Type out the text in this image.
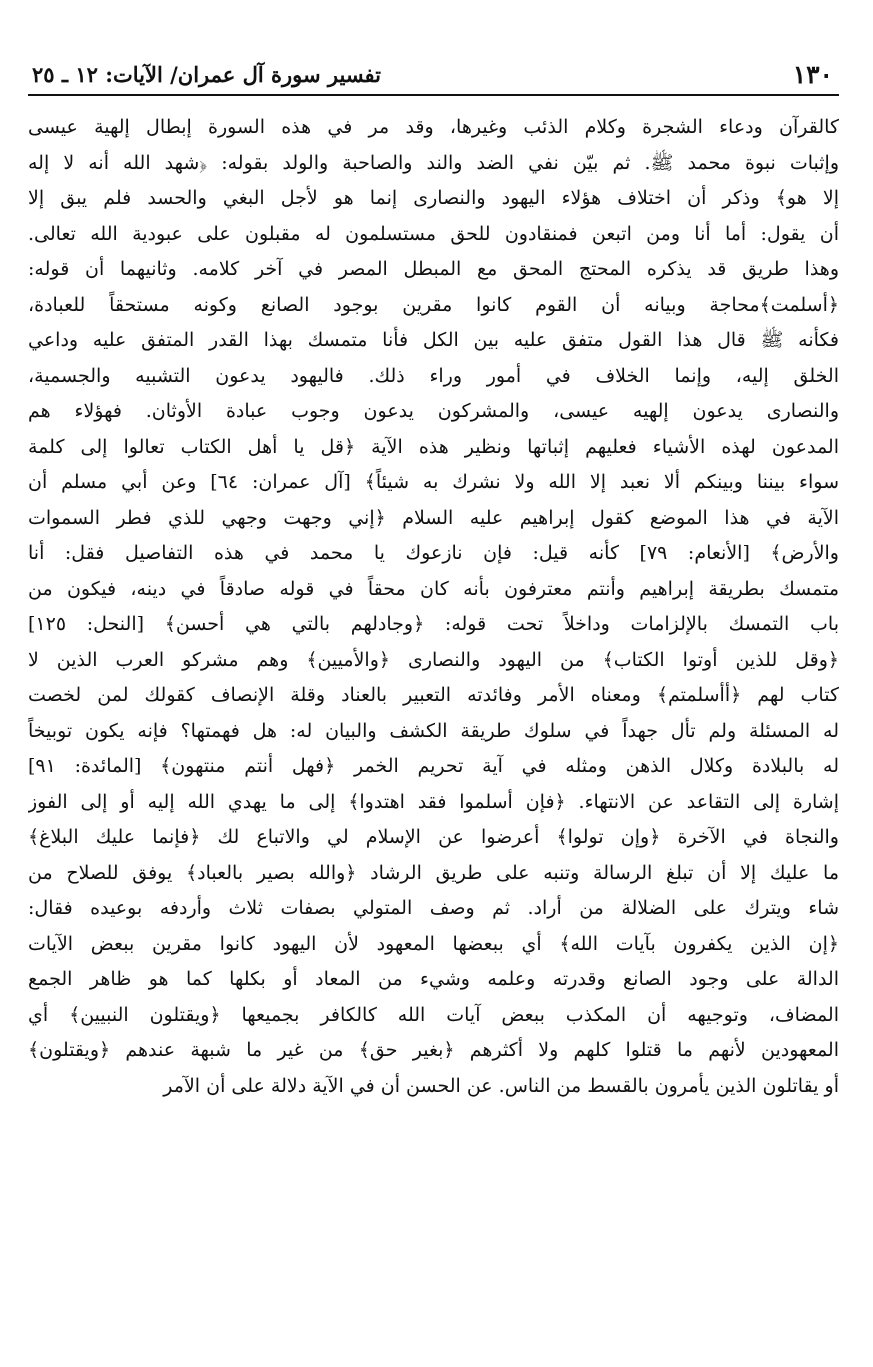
١٣٠
تفسير سورة آل عمران/ الآيات: ١٢ ـ ٢٥
كالقرآن ودعاء الشجرة وكلام الذئب وغيرها، وقد مر في هذه السورة إبطال إلهية عيسى
وإثبات نبوة محمد ﷺ. ثم بيّن نفي الضد والند والصاحبة والولد بقوله: ﴿شهد الله أنه لا إله
إلا هو﴾ وذكر أن اختلاف هؤلاء اليهود والنصارى إنما هو لأجل البغي والحسد فلم يبق إلا
أن يقول: أما أنا ومن اتبعن فمنقادون للحق مستسلمون له مقبلون على عبودية الله تعالى.
وهذا طريق قد يذكره المحتج المحق مع المبطل المصر في آخر كلامه. وثانيهما أن قوله:
﴿أسلمت﴾محاجة وبيانه أن القوم كانوا مقرين بوجود الصانع وكونه مستحقاً للعبادة،
فكأنه ﷺ قال هذا القول متفق عليه بين الكل فأنا متمسك بهذا القدر المتفق عليه وداعي
الخلق إليه، وإنما الخلاف في أمور وراء ذلك. فاليهود يدعون التشبيه والجسمية،
والنصارى يدعون إلهيه عيسى، والمشركون يدعون وجوب عبادة الأوثان. فهؤلاء هم
المدعون لهذه الأشياء فعليهم إثباتها ونظير هذه الآية ﴿قل يا أهل الكتاب تعالوا إلى كلمة
سواء بيننا وبينكم ألا نعبد إلا الله ولا نشرك به شيئاً﴾ [آل عمران: ٦٤] وعن أبي مسلم أن
الآية في هذا الموضع كقول إبراهيم عليه السلام ﴿إني وجهت وجهي للذي فطر السموات
والأرض﴾ [الأنعام: ٧٩] كأنه قيل: فإن نازعوك يا محمد في هذه التفاصيل فقل: أنا
متمسك بطريقة إبراهيم وأنتم معترفون بأنه كان محقاً في قوله صادقاً في دينه، فيكون من
باب التمسك بالإلزامات وداخلاً تحت قوله: ﴿وجادلهم بالتي هي أحسن﴾ [النحل: ١٢٥]
﴿وقل للذين أوتوا الكتاب﴾ من اليهود والنصارى ﴿والأميين﴾ وهم مشركو العرب الذين لا
كتاب لهم ﴿أأسلمتم﴾ ومعناه الأمر وفائدته التعبير بالعناد وقلة الإنصاف كقولك لمن لخصت
له المسئلة ولم تأل جهداً في سلوك طريقة الكشف والبيان له: هل فهمتها؟ فإنه يكون توبيخاً
له بالبلادة وكلال الذهن ومثله في آية تحريم الخمر ﴿فهل أنتم منتهون﴾ [المائدة: ٩١]
إشارة إلى التقاعد عن الانتهاء. ﴿فإن أسلموا فقد اهتدوا﴾ إلى ما يهدي الله إليه أو إلى الفوز
والنجاة في الآخرة ﴿وإن تولوا﴾ أعرضوا عن الإسلام لي والاتباع لك ﴿فإنما عليك البلاغ﴾
ما عليك إلا أن تبلغ الرسالة وتنبه على طريق الرشاد ﴿والله بصير بالعباد﴾ يوفق للصلاح من
شاء ويترك على الضلالة من أراد. ثم وصف المتولي بصفات ثلاث وأردفه بوعيده فقال:
﴿إن الذين يكفرون بآيات الله﴾ أي ببعضها المعهود لأن اليهود كانوا مقرين ببعض الآيات
الدالة على وجود الصانع وقدرته وعلمه وشيء من المعاد أو بكلها كما هو ظاهر الجمع
المضاف، وتوجيهه أن المكذب ببعض آيات الله كالكافر بجميعها ﴿ويقتلون النبيين﴾ أي
المعهودين لأنهم ما قتلوا كلهم ولا أكثرهم ﴿بغير حق﴾ من غير ما شبهة عندهم ﴿ويقتلون﴾
أو يقاتلون الذين يأمرون بالقسط من الناس. عن الحسن أن في الآية دلالة على أن الآمر
